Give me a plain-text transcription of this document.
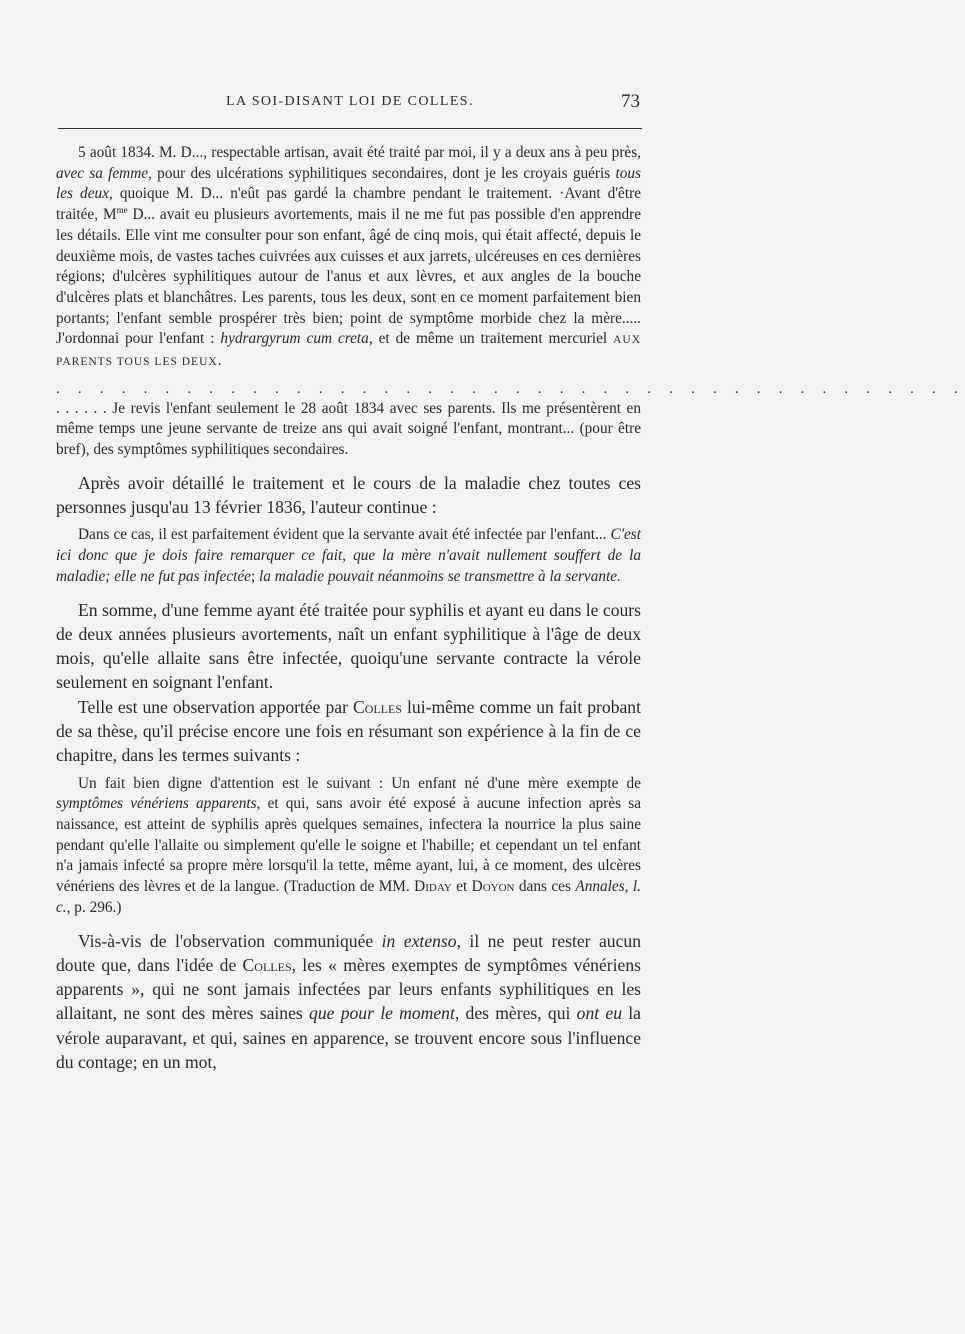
LA SOI-DISANT LOI DE COLLES.	73

5 août 1834. M. D..., respectable artisan, avait été traité par moi, il y a deux ans à peu près, avec sa femme, pour des ulcérations syphilitiques secondaires, dont je les croyais guéris tous les deux, quoique M. D... n'eût pas gardé la chambre pendant le traitement. ·Avant d'être traitée, $M^{me}$ D... avait eu plusieurs avortements, mais il ne me fut pas possible d'en apprendre les détails. Elle vint me consulter pour son enfant, âgé de cinq mois, qui était affecté, depuis le deuxième mois, de vastes taches cuivrées aux cuisses et aux jarrets, ulcéreuses en ces dernières régions; d'ulcères syphilitiques autour de l'anus et aux lèvres, et aux angles de la bouche d'ulcères plats et blanchâtres. Les parents, tous les deux, sont en ce moment parfaitement bien portants; l'enfant semble prospérer très bien; point de symptôme morbide chez la mère..... J'ordonnai pour l'enfant : hydrargyrum cum creta, et de même un traitement mercuriel AUX PARENTS TOUS LES DEUX.

. . . . . . . . . . . . . . . . . . . . . . . . . . . . . . . . . . . . . . . . . .

. . . . . . Je revis l'enfant seulement le 28 août 1834 avec ses parents. Ils me présentèrent en même temps une jeune servante de treize ans qui avait soigné l'enfant, montrant... (pour être bref), des symptômes syphilitiques secondaires.

Après avoir détaillé le traitement et le cours de la maladie chez toutes ces personnes jusqu'au 13 février 1836, l'auteur continue :

Dans ce cas, il est parfaitement évident que la servante avait été infectée par l'enfant... C'est ici donc que je dois faire remarquer ce fait, que la mère n'avait nullement souffert de la maladie; elle ne fut pas infectée; la maladie pouvait néanmoins se transmettre à la servante.

En somme, d'une femme ayant été traitée pour syphilis et ayant eu dans le cours de deux années plusieurs avortements, naît un enfant syphilitique à l'âge de deux mois, qu'elle allaite sans être infectée, quoiqu'une servante contracte la vérole seulement en soignant l'enfant.

Telle est une observation apportée par Colles lui-même comme un fait probant de sa thèse, qu'il précise encore une fois en résumant son expérience à la fin de ce chapitre, dans les termes suivants :

Un fait bien digne d'attention est le suivant : Un enfant né d'une mère exempte de symptômes vénériens apparents, et qui, sans avoir été exposé à aucune infection après sa naissance, est atteint de syphilis après quelques semaines, infectera la nourrice la plus saine pendant qu'elle l'allaite ou simplement qu'elle le soigne et l'habille; et cependant un tel enfant n'a jamais infecté sa propre mère lorsqu'il la tette, même ayant, lui, à ce moment, des ulcères vénériens des lèvres et de la langue. (Traduction de MM. Diday et Doyon dans ces Annales, l. c., p. 296.)

Vis-à-vis de l'observation communiquée in extenso, il ne peut rester aucun doute que, dans l'idée de Colles, les « mères exemptes de symptômes vénériens apparents », qui ne sont jamais infectées par leurs enfants syphilitiques en les allaitant, ne sont des mères saines que pour le moment, des mères, qui ont eu la vérole auparavant, et qui, saines en apparence, se trouvent encore sous l'influence du contage; en un mot,
